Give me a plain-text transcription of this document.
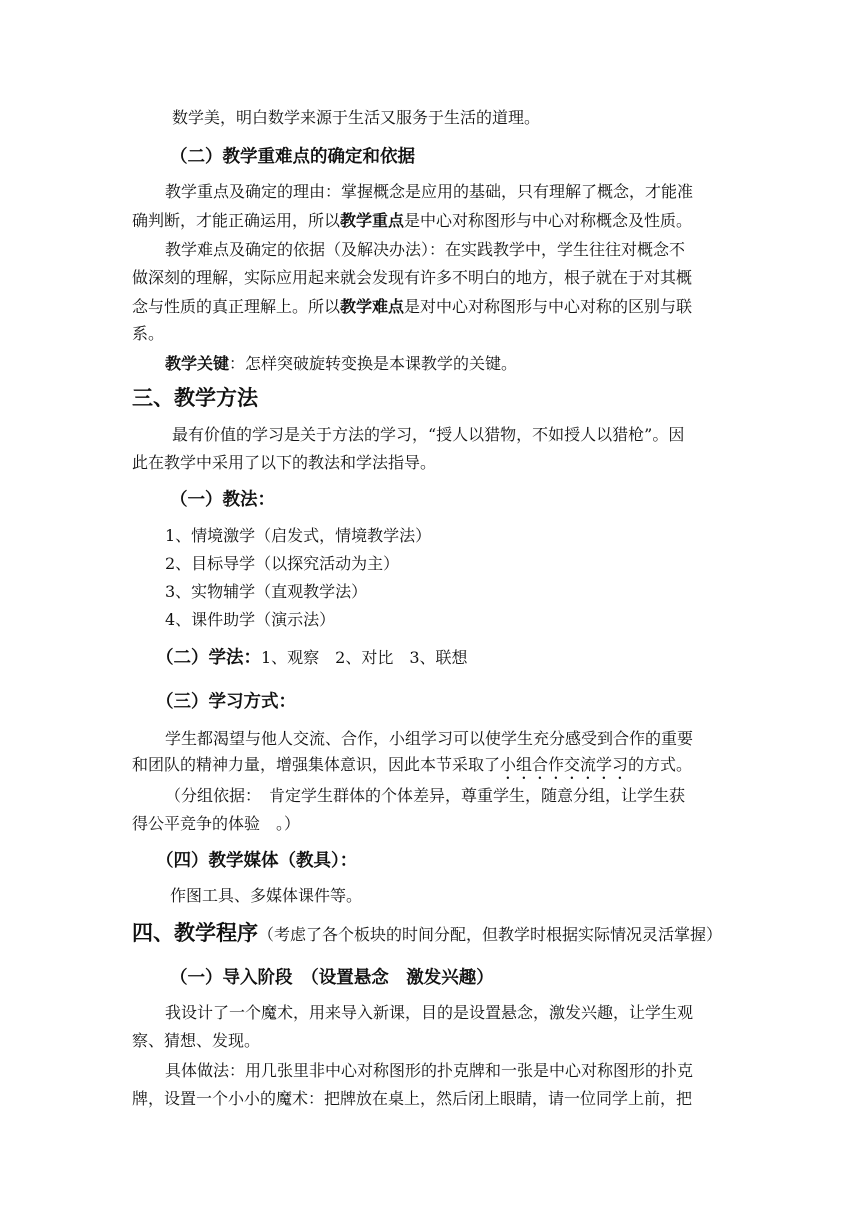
数学美，明白数学来源于生活又服务于生活的道理。
（二）教学重难点的确定和依据
教学重点及确定的理由：掌握概念是应用的基础，只有理解了概念，才能准
确判断，才能正确运用，所以教学重点是中心对称图形与中心对称概念及性质。
教学难点及确定的依据（及解决办法）：在实践教学中，学生往往对概念不
做深刻的理解，实际应用起来就会发现有许多不明白的地方，根子就在于对其概
念与性质的真正理解上。所以教学难点是对中心对称图形与中心对称的区别与联
系。
教学关键：怎样突破旋转变换是本课教学的关键。
三、教学方法
最有价值的学习是关于方法的学习，“授人以猎物，不如授人以猎枪”。因
此在教学中采用了以下的教法和学法指导。
（一）教法：
1、情境激学（启发式，情境教学法）
2、目标导学（以探究活动为主）
3、实物辅学（直观教学法）
4、课件助学（演示法）
（二）学法：1、观察　2、对比　3、联想
（三）学习方式：
学生都渴望与他人交流、合作，小组学习可以使学生充分感受到合作的重要
和团队的精神力量，增强集体意识，因此本节采取了小组合作交流学习的方式。
（分组依据：　肯定学生群体的个体差异，尊重学生，随意分组，让学生获
得公平竞争的体验　。）
（四）教学媒体（教具）：
作图工具、多媒体课件等。
四、教学程序（考虑了各个板块的时间分配，但教学时根据实际情况灵活掌握）
（一）导入阶段　（设置悬念　激发兴趣）
我设计了一个魔术，用来导入新课，目的是设置悬念，激发兴趣，让学生观
察、猜想、发现。
具体做法：用几张里非中心对称图形的扑克牌和一张是中心对称图形的扑克
牌，设置一个小小的魔术：把牌放在桌上，然后闭上眼睛，请一位同学上前，把
